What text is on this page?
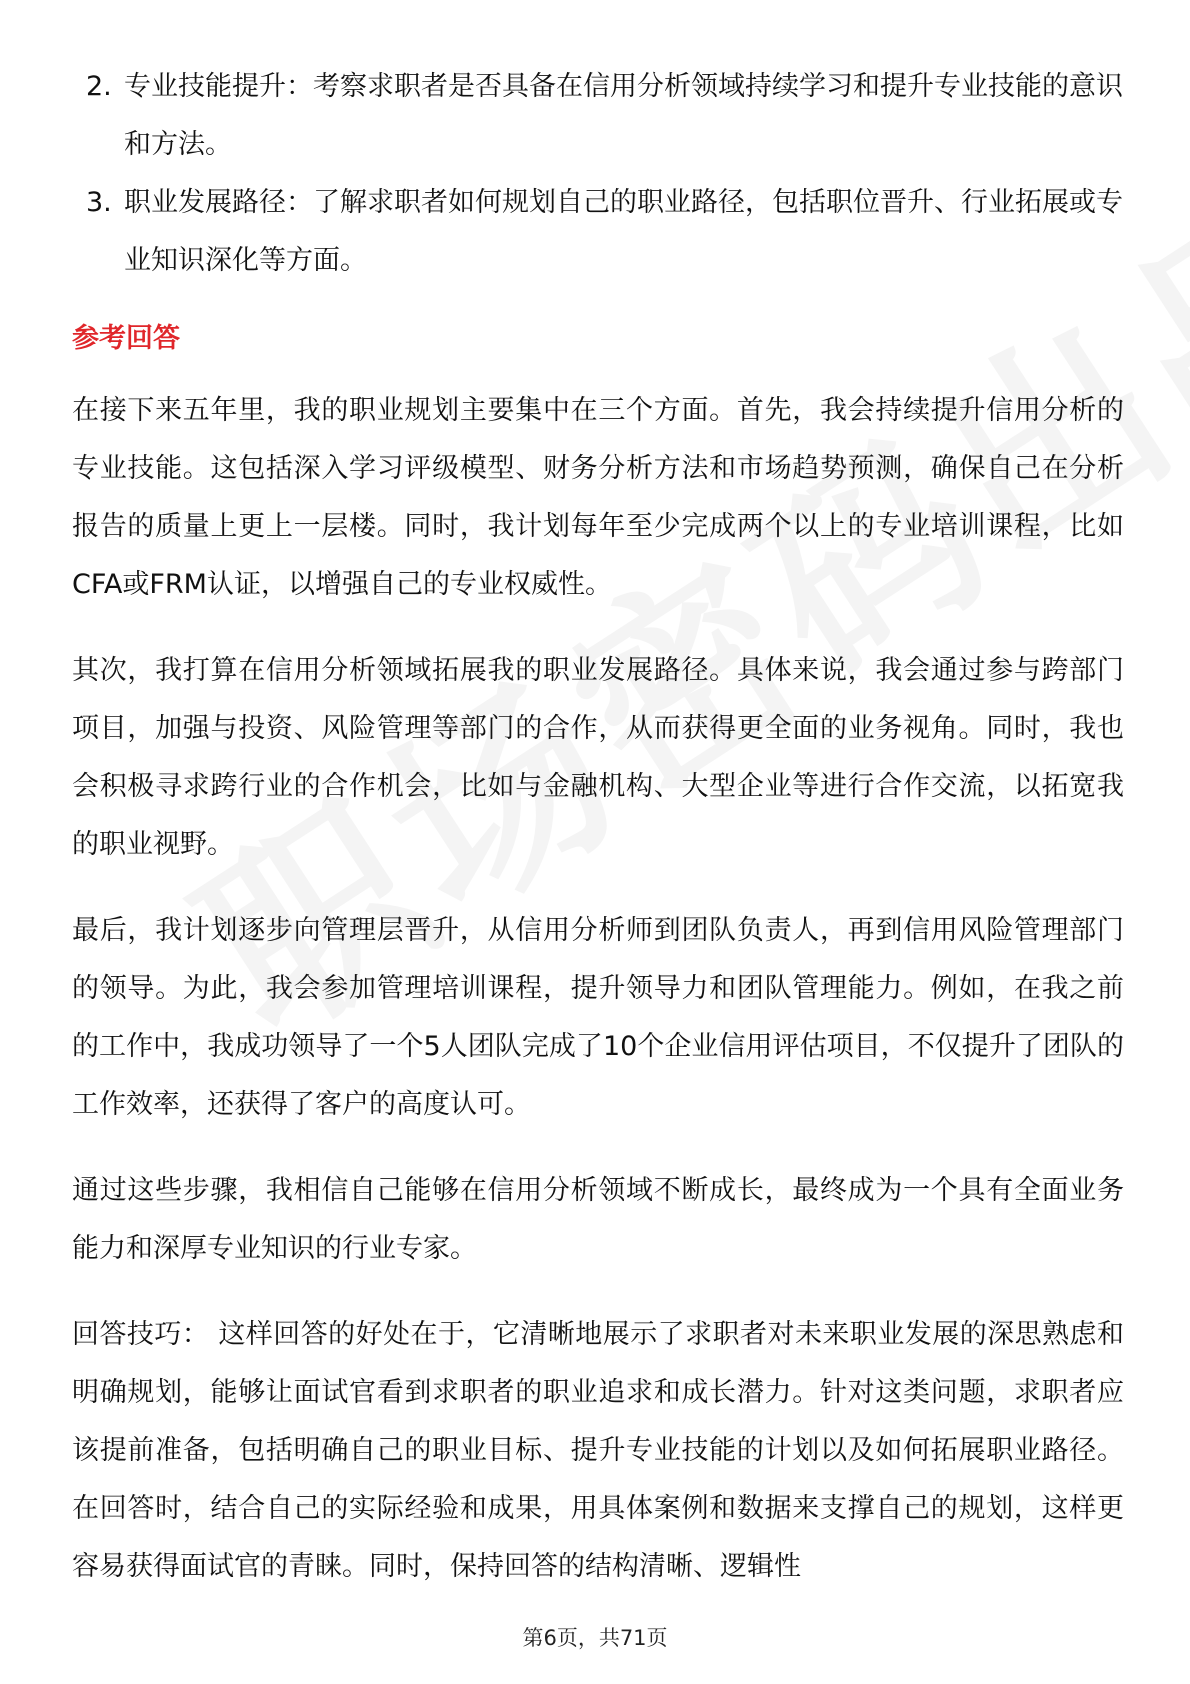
2. 专业技能提升：考察求职者是否具备在信用分析领域持续学习和提升专业技能的意识和方法。
3. 职业发展路径：了解求职者如何规划自己的职业路径，包括职位晋升、行业拓展或专业知识深化等方面。
参考回答

在接下来五年里，我的职业规划主要集中在三个方面。首先，我会持续提升信用分析的专业技能。这包括深入学习评级模型、财务分析方法和市场趋势预测，确保自己在分析报告的质量上更上一层楼。同时，我计划每年至少完成两个以上的专业培训课程，比如CFA或FRM认证，以增强自己的专业权威性。

其次，我打算在信用分析领域拓展我的职业发展路径。具体来说，我会通过参与跨部门项目，加强与投资、风险管理等部门的合作，从而获得更全面的业务视角。同时，我也会积极寻求跨行业的合作机会，比如与金融机构、大型企业等进行合作交流，以拓宽我的职业视野。

最后，我计划逐步向管理层晋升，从信用分析师到团队负责人，再到信用风险管理部门的领导。为此，我会参加管理培训课程，提升领导力和团队管理能力。例如，在我之前的工作中，我成功领导了一个5人团队完成了10个企业信用评估项目，不仅提升了团队的工作效率，还获得了客户的高度认可。

通过这些步骤，我相信自己能够在信用分析领域不断成长，最终成为一个具有全面业务能力和深厚专业知识的行业专家。

回答技巧： 这样回答的好处在于，它清晰地展示了求职者对未来职业发展的深思熟虑和明确规划，能够让面试官看到求职者的职业追求和成长潜力。针对这类问题，求职者应该提前准备，包括明确自己的职业目标、提升专业技能的计划以及如何拓展职业路径。在回答时，结合自己的实际经验和成果，用具体案例和数据来支撑自己的规划，这样更容易获得面试官的青睐。同时，保持回答的结构清晰、逻辑性

第6页，共71页
